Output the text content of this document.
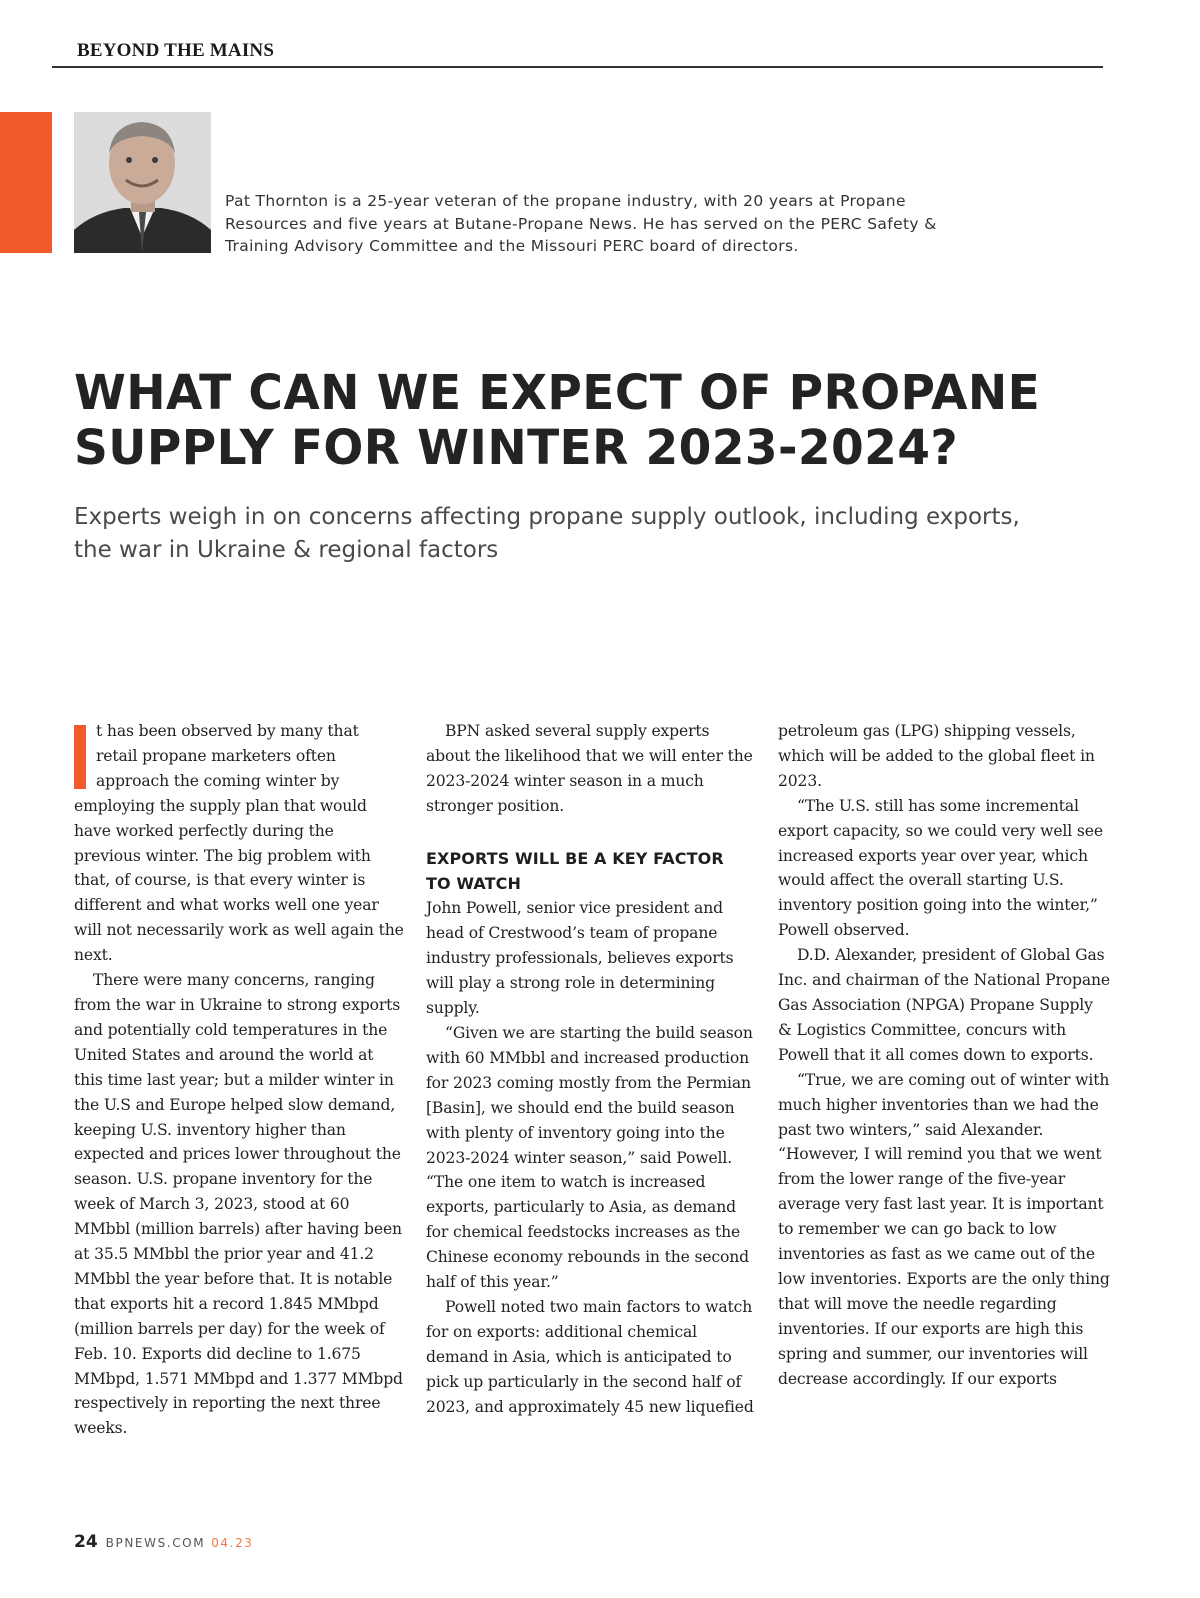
BEYOND THE MAINS
Pat Thornton is a 25-year veteran of the propane industry, with 20 years at Propane Resources and five years at Butane-Propane News. He has served on the PERC Safety & Training Advisory Committee and the Missouri PERC board of directors.
WHAT CAN WE EXPECT OF PROPANE
SUPPLY FOR WINTER 2023-2024?
Experts weigh in on concerns affecting propane supply outlook, including exports,
the war in Ukraine & regional factors

t has been observed by many that retail propane marketers often approach the coming winter by employing the supply plan that would have worked perfectly during the previous winter. The big problem with that, of course, is that every winter is different and what works well one year will not necessarily work as well again the next.

There were many concerns, ranging from the war in Ukraine to strong exports and potentially cold temperatures in the United States and around the world at this time last year; but a milder winter in the U.S and Europe helped slow demand, keeping U.S. inventory higher than expected and prices lower throughout the season. U.S. propane inventory for the week of March 3, 2023, stood at 60 MMbbl (million barrels) after having been at 35.5 MMbbl the prior year and 41.2 MMbbl the year before that. It is notable that exports hit a record 1.845 MMbpd (million barrels per day) for the week of Feb. 10. Exports did decline to 1.675 MMbpd, 1.571 MMbpd and 1.377 MMbpd respectively in reporting the next three weeks.

BPN asked several supply experts about the likelihood that we will enter the 2023-2024 winter season in a much stronger position.

EXPORTS WILL BE A KEY FACTOR
TO WATCH

John Powell, senior vice president and head of Crestwood’s team of propane industry professionals, believes exports will play a strong role in determining supply.

“Given we are starting the build season with 60 MMbbl and increased production for 2023 coming mostly from the Permian [Basin], we should end the build season with plenty of inventory going into the 2023-2024 winter season,” said Powell. “The one item to watch is increased exports, particularly to Asia, as demand for chemical feedstocks increases as the Chinese economy rebounds in the second half of this year.”

Powell noted two main factors to watch for on exports: additional chemical demand in Asia, which is anticipated to pick up particularly in the second half of 2023, and approximately 45 new liquefied

petroleum gas (LPG) shipping vessels, which will be added to the global fleet in 2023.

“The U.S. still has some incremental export capacity, so we could very well see increased exports year over year, which would affect the overall starting U.S. inventory position going into the winter,” Powell observed.

D.D. Alexander, president of Global Gas Inc. and chairman of the National Propane Gas Association (NPGA) Propane Supply & Logistics Committee, concurs with Powell that it all comes down to exports.

“True, we are coming out of winter with much higher inventories than we had the past two winters,” said Alexander. “However, I will remind you that we went from the lower range of the five-year average very fast last year. It is important to remember we can go back to low inventories as fast as we came out of the low inventories. Exports are the only thing that will move the needle regarding inventories. If our exports are high this spring and summer, our inventories will decrease accordingly. If our exports

24 BPNEWS.COM 04.23
